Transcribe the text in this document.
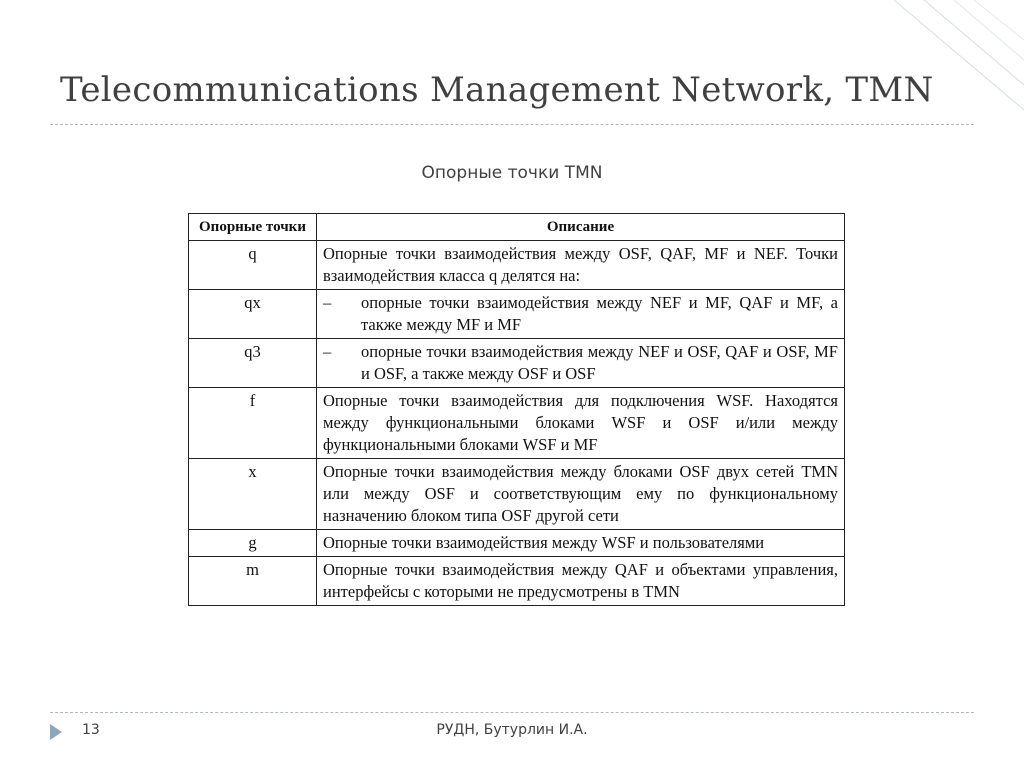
Telecommunications Management Network, TMN
Опорные точки TMN
Опорные точки	Описание
q	Опорные точки взаимодействия между OSF, QAF, MF и NEF. Точки взаимодействия класса q делятся на:
qx	– опорные точки взаимодействия между NEF и MF, QAF и MF, а также между MF и MF

q3	– опорные точки взаимодействия между NEF и OSF, QAF и OSF, MF и OSF, а также между OSF и OSF

f	Опорные точки взаимодействия для подключения WSF. Находятся между функциональными блоками WSF и OSF и/или между функциональными блоками WSF и MF
x	Опорные точки взаимодействия между блоками OSF двух сетей TMN или между OSF и соответствующим ему по функциональному назначению блоком типа OSF другой сети
g	Опорные точки взаимодействия между WSF и пользователями
m	Опорные точки взаимодействия между QAF и объектами управления, интерфейсы с которыми не предусмотрены в TMN
13	РУДН, Бутурлин И.А.
